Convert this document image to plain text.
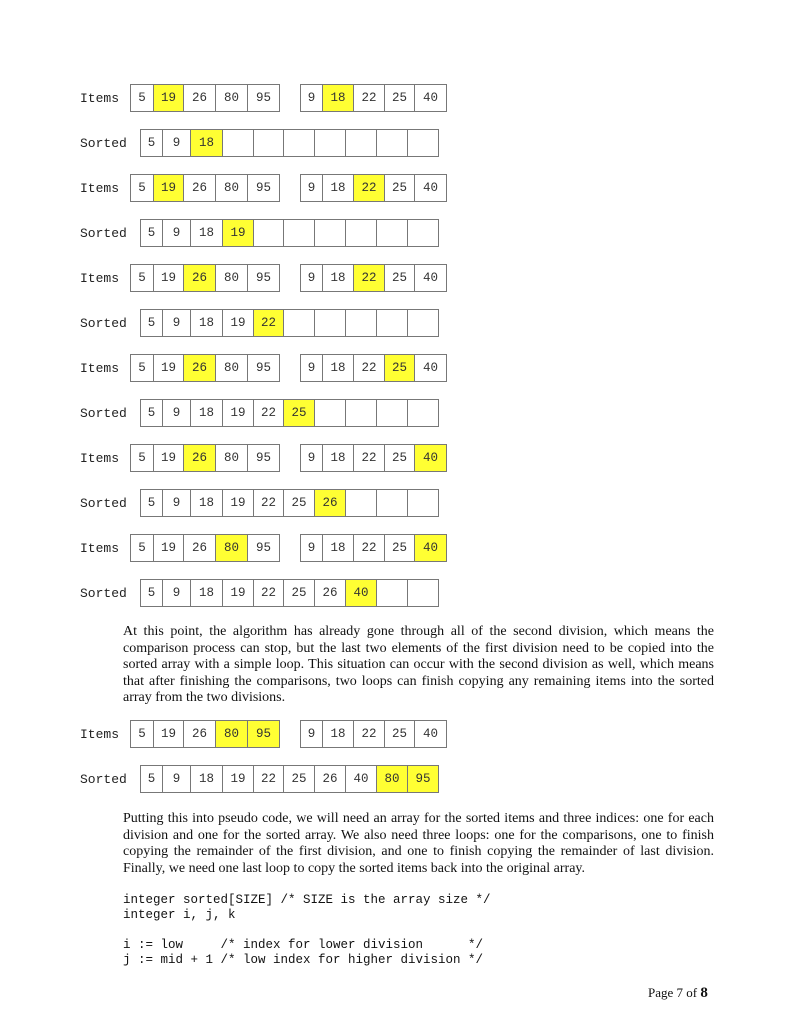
Items	5	19	26	80	95	9	18	22	25	40
Sorted	5	9	18
Items	5	19	26	80	95	9	18	22	25	40
Sorted	5	9	18	19
Items	5	19	26	80	95	9	18	22	25	40
Sorted	5	9	18	19	22
Items	5	19	26	80	95	9	18	22	25	40
Sorted	5	9	18	19	22	25
Items	5	19	26	80	95	9	18	22	25	40
Sorted	5	9	18	19	22	25	26
Items	5	19	26	80	95	9	18	22	25	40
Sorted	5	9	18	19	22	25	26	40
Items	5	19	26	80	95	9	18	22	25	40
Sorted	5	9	18	19	22	25	26	40	80	95

At this point, the algorithm has already gone through all of the second division, which means the comparison process can stop, but the last two elements of the first division need to be copied into the sorted array with a simple loop. This situation can occur with the second division as well, which means that after finishing the comparisons, two loops can finish copying any remaining items into the sorted array from the two divisions.

Putting this into pseudo code, we will need an array for the sorted items and three indices: one for each division and one for the sorted array. We also need three loops: one for the comparisons, one to finish copying the remainder of the first division, and one to finish copying the remainder of last division. Finally, we need one last loop to copy the sorted items back into the original array.

integer sorted[SIZE] /* SIZE is the array size */
integer i, j, k
i := low     /* index for lower division      */
j := mid + 1 /* low index for higher division */
Page 7 of 8
